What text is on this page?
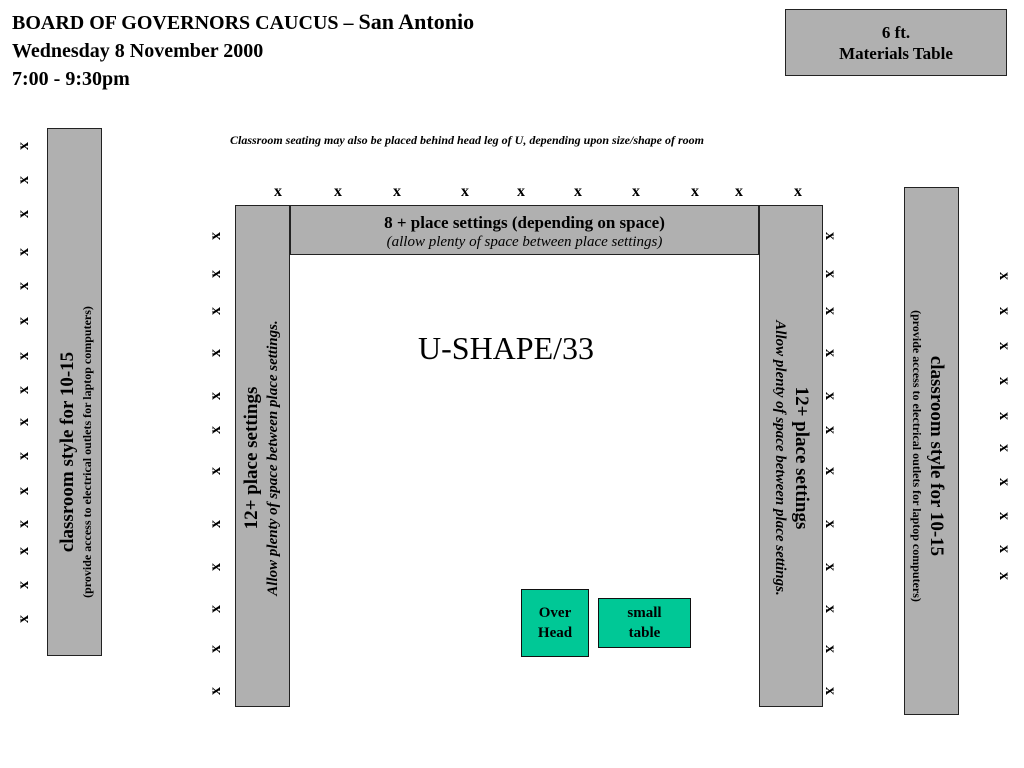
BOARD OF GOVERNORS CAUCUS – San Antonio
Wednesday 8 November 2000
7:00 - 9:30pm
6 ft.
Materials Table
Classroom seating may also be placed behind head leg of U, depending upon size/shape of room
8 + place settings (depending on space)
(allow plenty of space between place settings)
12+ place settings Allow plenty of space between place settings.	12+ place settings
Allow plenty of space between place settings.
U-SHAPE/33
classroom style for 10-15 (provide access to electrical outlets for laptop computers)	classroom style for 10-15
(provide access to electrical outlets for laptop computers)
Over
Head
small
table
x	x	x	x	x	x	x	x x	x
x
x
x
x
x
x
x
x
x
x
x
x
x
x
x
x
x
x
x
x
x
x
x
x
x
x
x
x
x
x
x
x
x
x
x
x
x
x
x
x
x
x
x
x
x
x
x
x
x
